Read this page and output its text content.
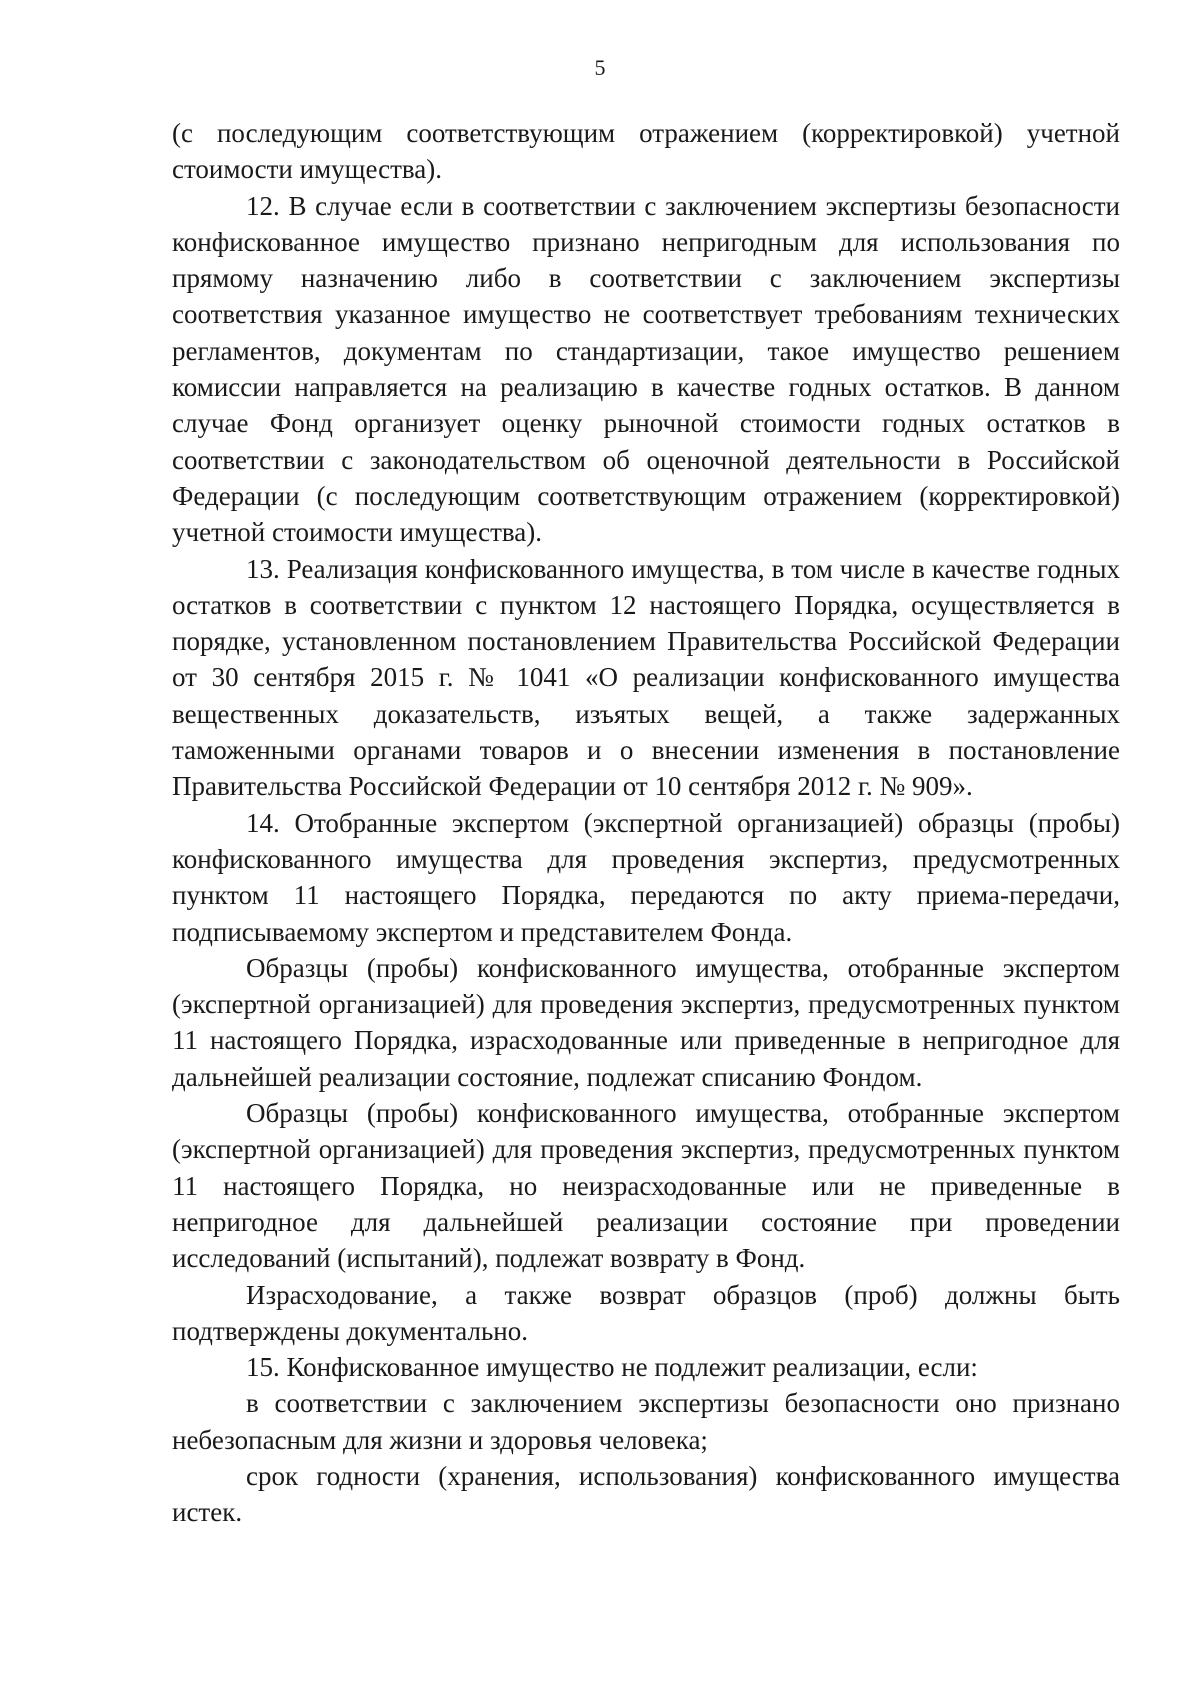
5

(с последующим соответствующим отражением (корректировкой) учетной стоимости имущества).

12. В случае если в соответствии с заключением экспертизы безопасности конфискованное имущество признано непригодным для использования по прямому назначению либо в соответствии с заключением экспертизы соответствия указанное имущество не соответствует требованиям технических регламентов, документам по стандартизации, такое имущество решением комиссии направляется на реализацию в качестве годных остатков. В данном случае Фонд организует оценку рыночной стоимости годных остатков в соответствии с законодательством об оценочной деятельности в Российской Федерации (с последующим соответствующим отражением (корректировкой) учетной стоимости имущества).

13. Реализация конфискованного имущества, в том числе в качестве годных остатков в соответствии с пунктом 12 настоящего Порядка, осуществляется в порядке, установленном постановлением Правительства Российской Федерации от 30 сентября 2015 г. № 1041 «О реализации конфискованного имущества вещественных доказательств, изъятых вещей, а также задержанных таможенными органами товаров и о внесении изменения в постановление Правительства Российской Федерации от 10 сентября 2012 г. № 909».

14. Отобранные экспертом (экспертной организацией) образцы (пробы) конфискованного имущества для проведения экспертиз, предусмотренных пунктом 11 настоящего Порядка, передаются по акту приема-передачи, подписываемому экспертом и представителем Фонда.

Образцы (пробы) конфискованного имущества, отобранные экспертом (экспертной организацией) для проведения экспертиз, предусмотренных пунктом 11 настоящего Порядка, израсходованные или приведенные в непригодное для дальнейшей реализации состояние, подлежат списанию Фондом.

Образцы (пробы) конфискованного имущества, отобранные экспертом (экспертной организацией) для проведения экспертиз, предусмотренных пунктом 11 настоящего Порядка, но неизрасходованные или не приведенные в непригодное для дальнейшей реализации состояние при проведении исследований (испытаний), подлежат возврату в Фонд.

Израсходование, а также возврат образцов (проб) должны быть подтверждены документально.

15. Конфискованное имущество не подлежит реализации, если:

в соответствии с заключением экспертизы безопасности оно признано небезопасным для жизни и здоровья человека;

срок годности (хранения, использования) конфискованного имущества истек.
